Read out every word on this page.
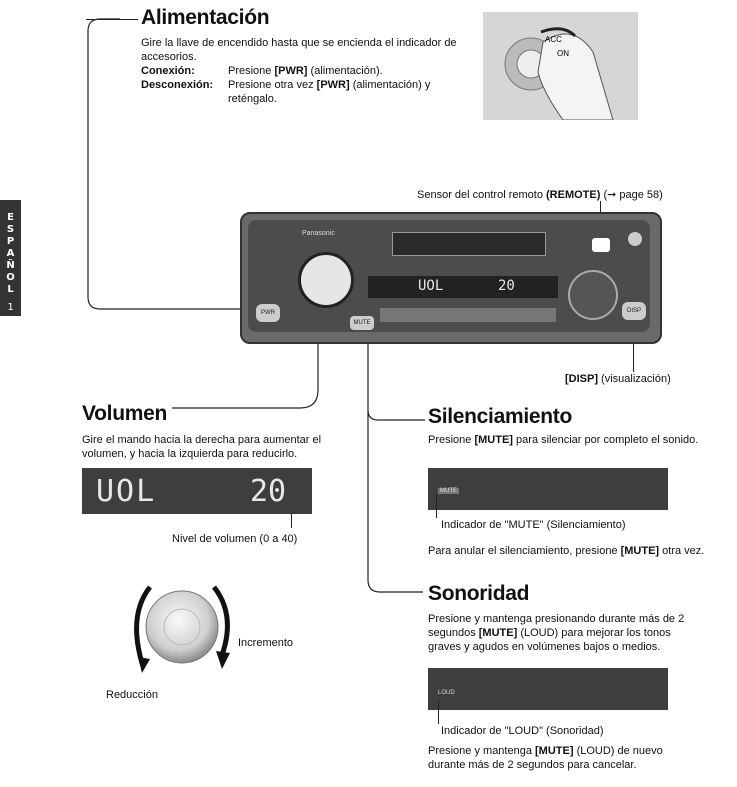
E
S
P
A
Ñ
O
L
1
Alimentación
Gire la llave de encendido hasta que se encienda el indicador de accesorios.
Conexión:	Presione [PWR] (alimentación).
Desconexión: Presione otra vez [PWR] (alimentación) y reténgalo.
ACC
ON
Sensor del control remoto (REMOTE) (➞ page 58)
Panasonic
UOL	20
PWR
MUTE
DISP
[DISP] (visualización)
Volumen
Gire el mando hacia la derecha para aumentar el volumen, y hacia la izquierda para reducirlo.
UOL	20
Nivel de volumen (0 a 40)
Reducción
Incremento
Silenciamiento
Presione [MUTE] para silenciar por completo el sonido.
MUTE
Indicador de "MUTE" (Silenciamiento)
Para anular el silenciamiento, presione [MUTE] otra vez.
Sonoridad
Presione y mantenga presionando durante más de 2
segundos [MUTE] (LOUD) para mejorar los tonos
graves y agudos en volúmenes bajos o medios.
LOUD
Indicador de "LOUD" (Sonoridad)
Presione y mantenga [MUTE] (LOUD) de nuevo
durante más de 2 segundos para cancelar.
